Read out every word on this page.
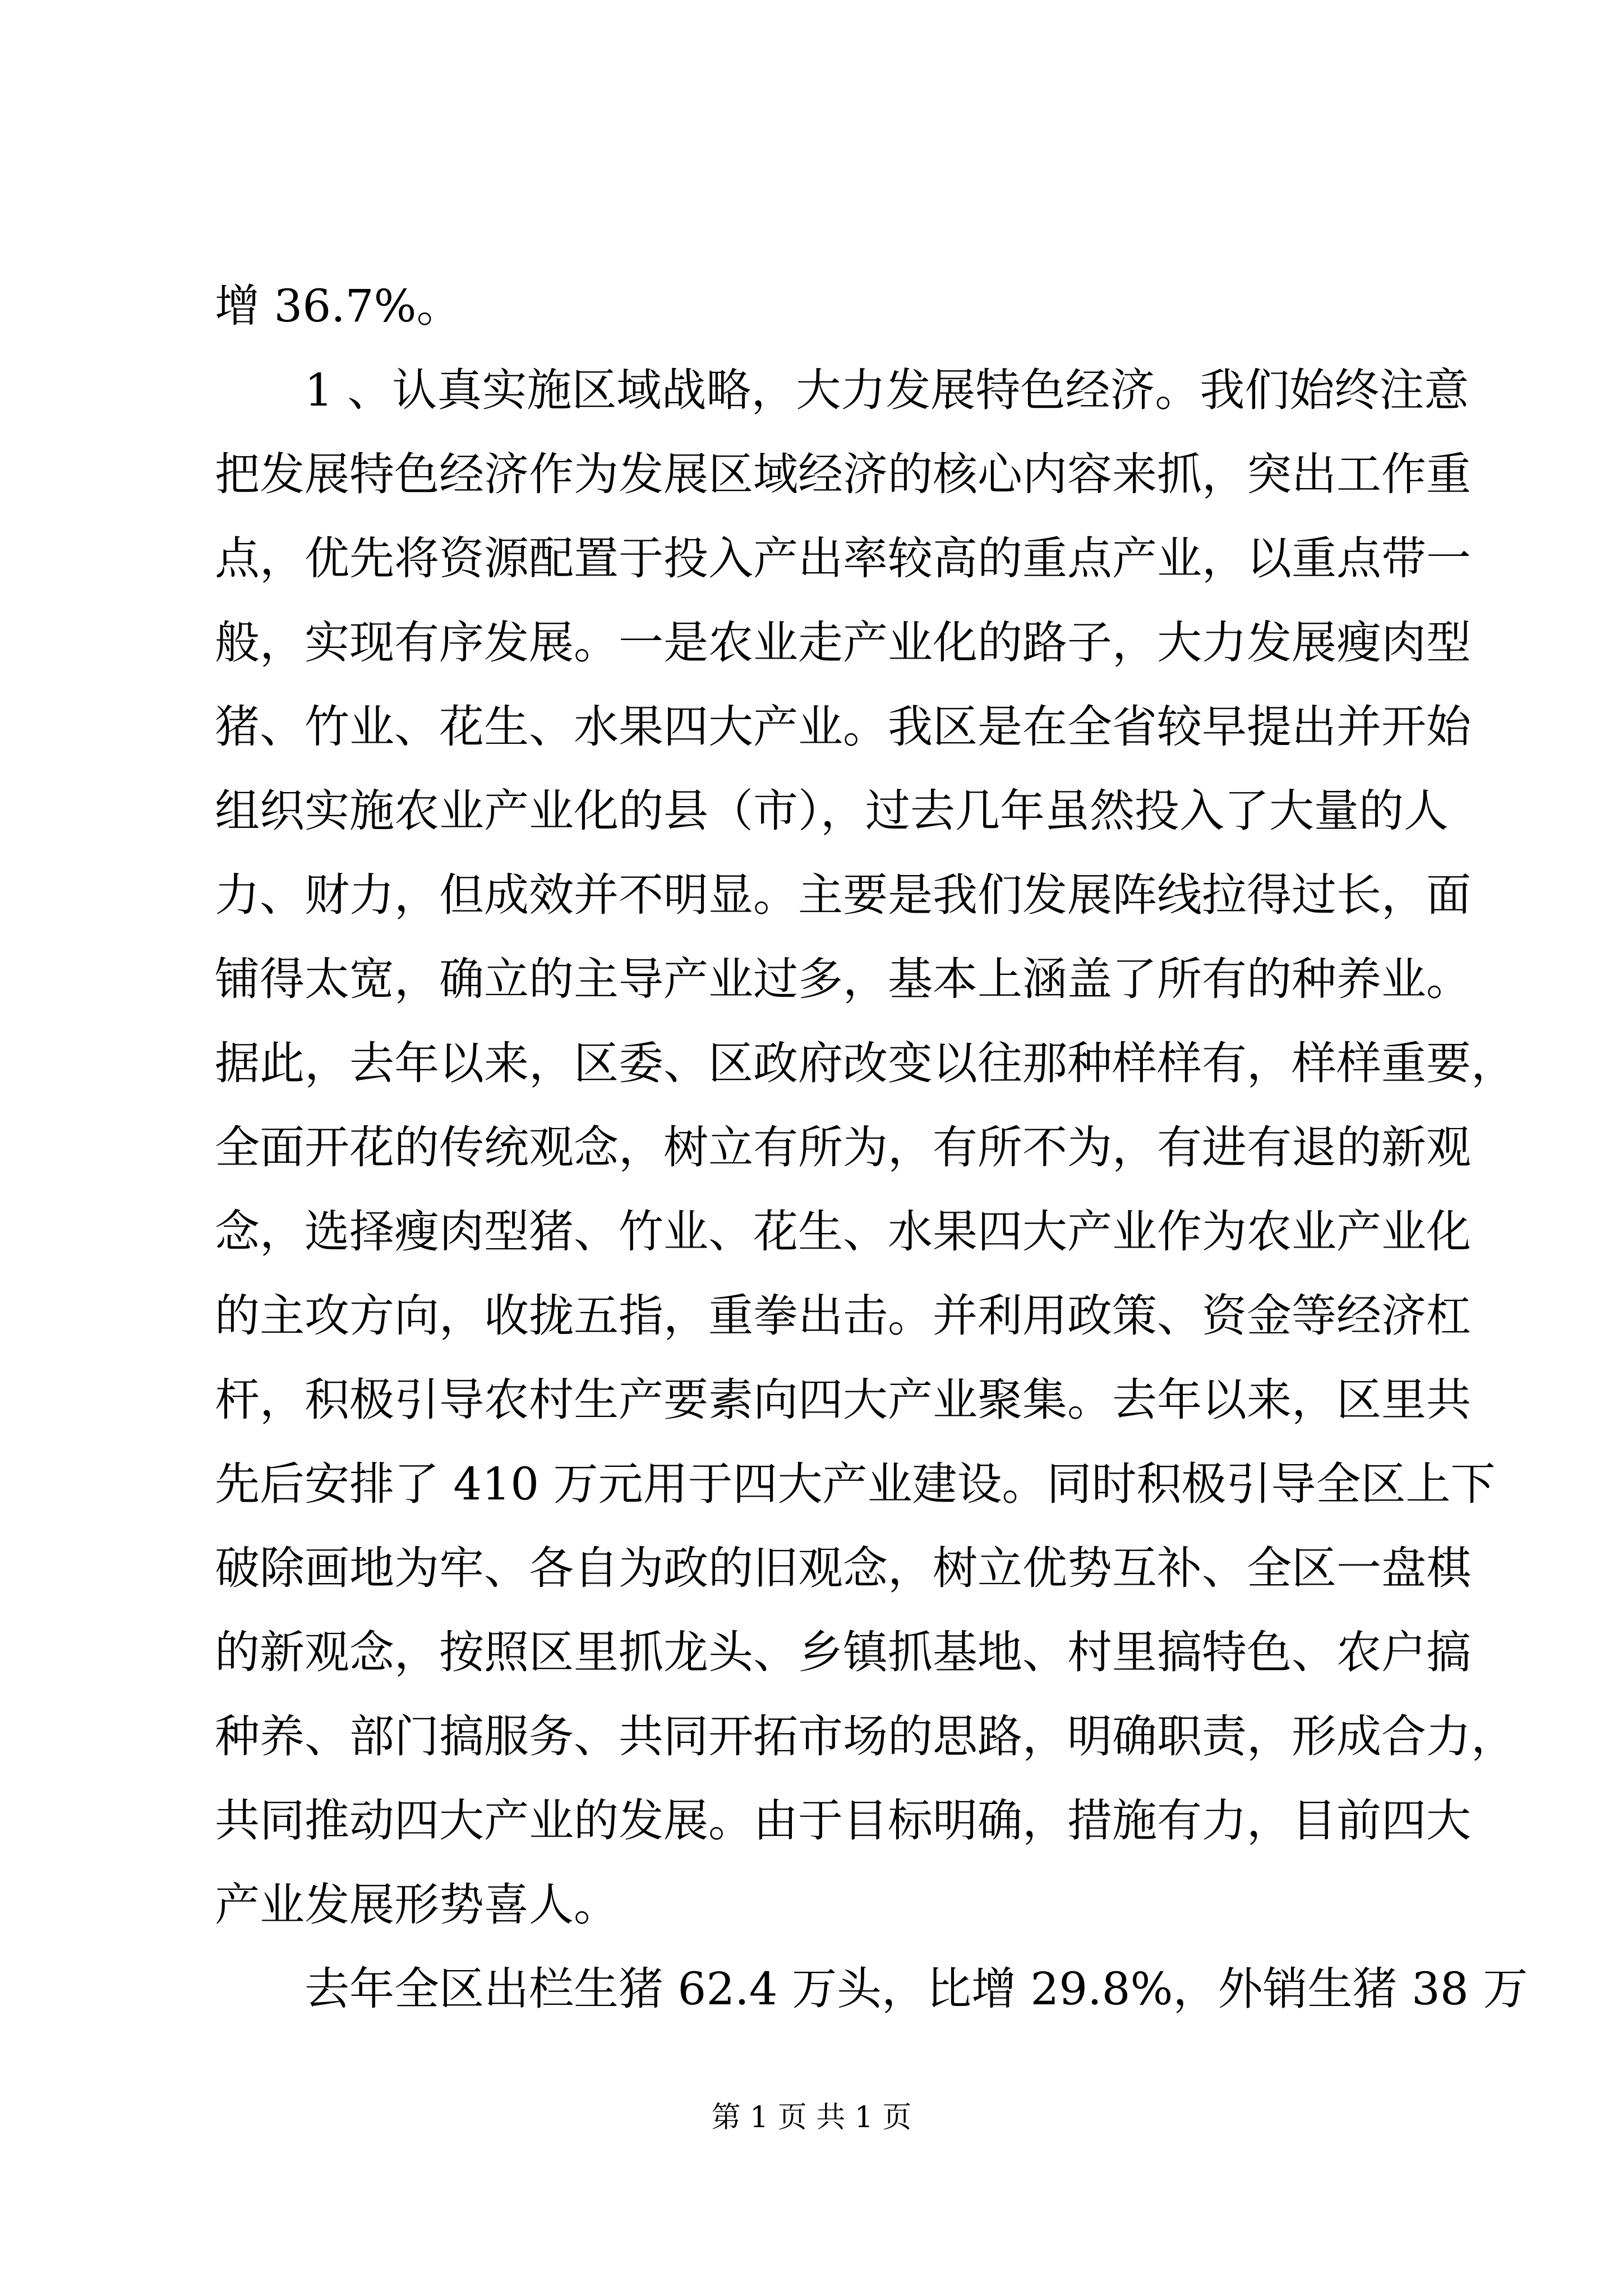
增 36.7%。
1 、认真实施区域战略，大力发展特色经济。我们始终注意
把发展特色经济作为发展区域经济的核心内容来抓，突出工作重
点，优先将资源配置于投入产出率较高的重点产业，以重点带一
般，实现有序发展。一是农业走产业化的路子，大力发展瘦肉型
猪、竹业、花生、水果四大产业。我区是在全省较早提出并开始
组织实施农业产业化的县（市），过去几年虽然投入了大量的人
力、财力，但成效并不明显。主要是我们发展阵线拉得过长，面
铺得太宽，确立的主导产业过多，基本上涵盖了所有的种养业。
据此，去年以来，区委、区政府改变以往那种样样有，样样重要，
全面开花的传统观念，树立有所为，有所不为，有进有退的新观
念，选择瘦肉型猪、竹业、花生、水果四大产业作为农业产业化
的主攻方向，收拢五指，重拳出击。并利用政策、资金等经济杠
杆，积极引导农村生产要素向四大产业聚集。去年以来，区里共
先后安排了 410 万元用于四大产业建设。同时积极引导全区上下
破除画地为牢、各自为政的旧观念，树立优势互补、全区一盘棋
的新观念，按照区里抓龙头、乡镇抓基地、村里搞特色、农户搞
种养、部门搞服务、共同开拓市场的思路，明确职责，形成合力，
共同推动四大产业的发展。由于目标明确，措施有力，目前四大
产业发展形势喜人。
去年全区出栏生猪 62.4 万头，比增 29.8%，外销生猪 38 万
第 1 页 共 1 页
